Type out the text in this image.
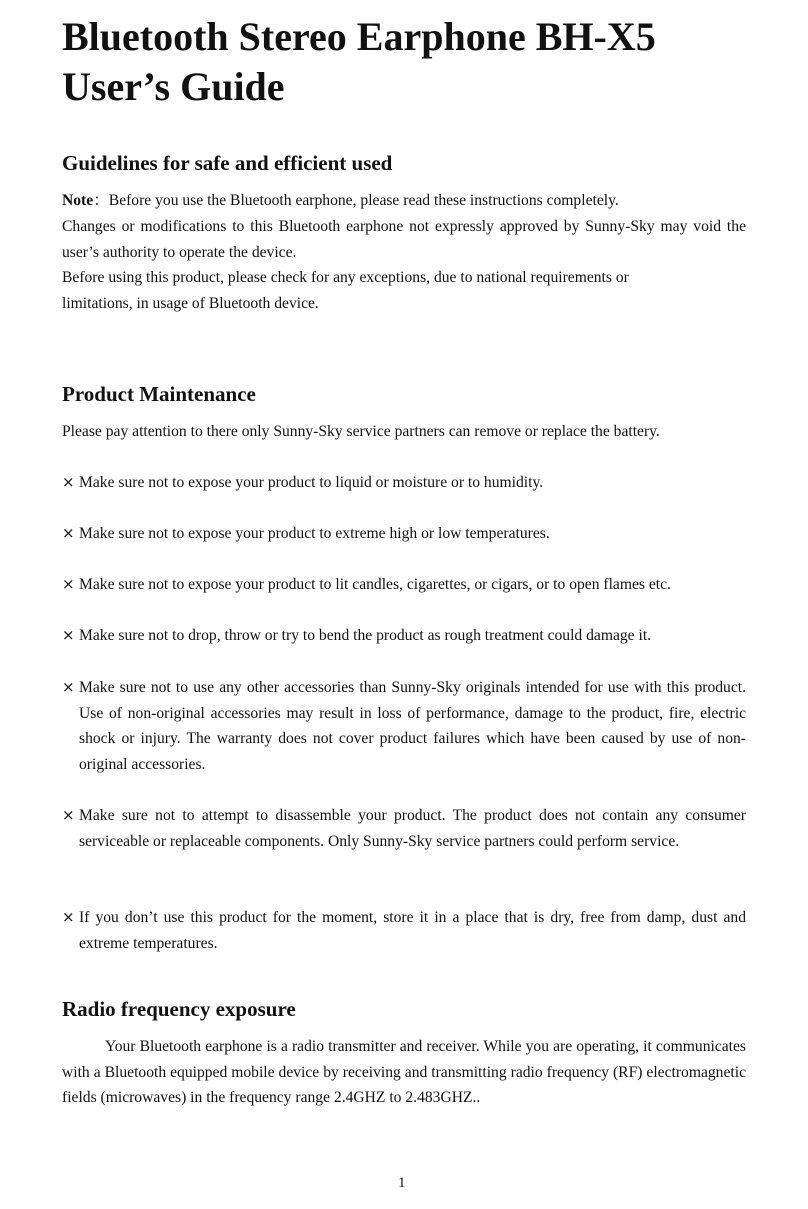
Bluetooth Stereo Earphone BH-X5
User’s Guide
Guidelines for safe and efficient used

Note：Before you use the Bluetooth earphone, please read these instructions completely.

Changes or modifications to this Bluetooth earphone not expressly approved by Sunny-Sky may void the user’s authority to operate the device.

Before using this product, please check for any exceptions, due to national requirements or limitations, in usage of Bluetooth device.

Product Maintenance

Please pay attention to there only Sunny-Sky service partners can remove or replace the battery.

× Make sure not to expose your product to liquid or moisture or to humidity.

× Make sure not to expose your product to extreme high or low temperatures.

× Make sure not to expose your product to lit candles, cigarettes, or cigars, or to open flames etc.

× Make sure not to drop, throw or try to bend the product as rough treatment could damage it.

× Make sure not to use any other accessories than Sunny-Sky originals intended for use with this product. Use of non-original accessories may result in loss of performance, damage to the product, fire, electric shock or injury. The warranty does not cover product failures which have been caused by use of non-original accessories.

× Make sure not to attempt to disassemble your product. The product does not contain any consumer serviceable or replaceable components. Only Sunny-Sky service partners could perform service.

× If you don’t use this product for the moment, store it in a place that is dry, free from damp, dust and extreme temperatures.

Radio frequency exposure

Your Bluetooth earphone is a radio transmitter and receiver. While you are operating, it communicates with a Bluetooth equipped mobile device by receiving and transmitting radio frequency (RF) electromagnetic fields (microwaves) in the frequency range 2.4GHZ to 2.483GHZ..

1
